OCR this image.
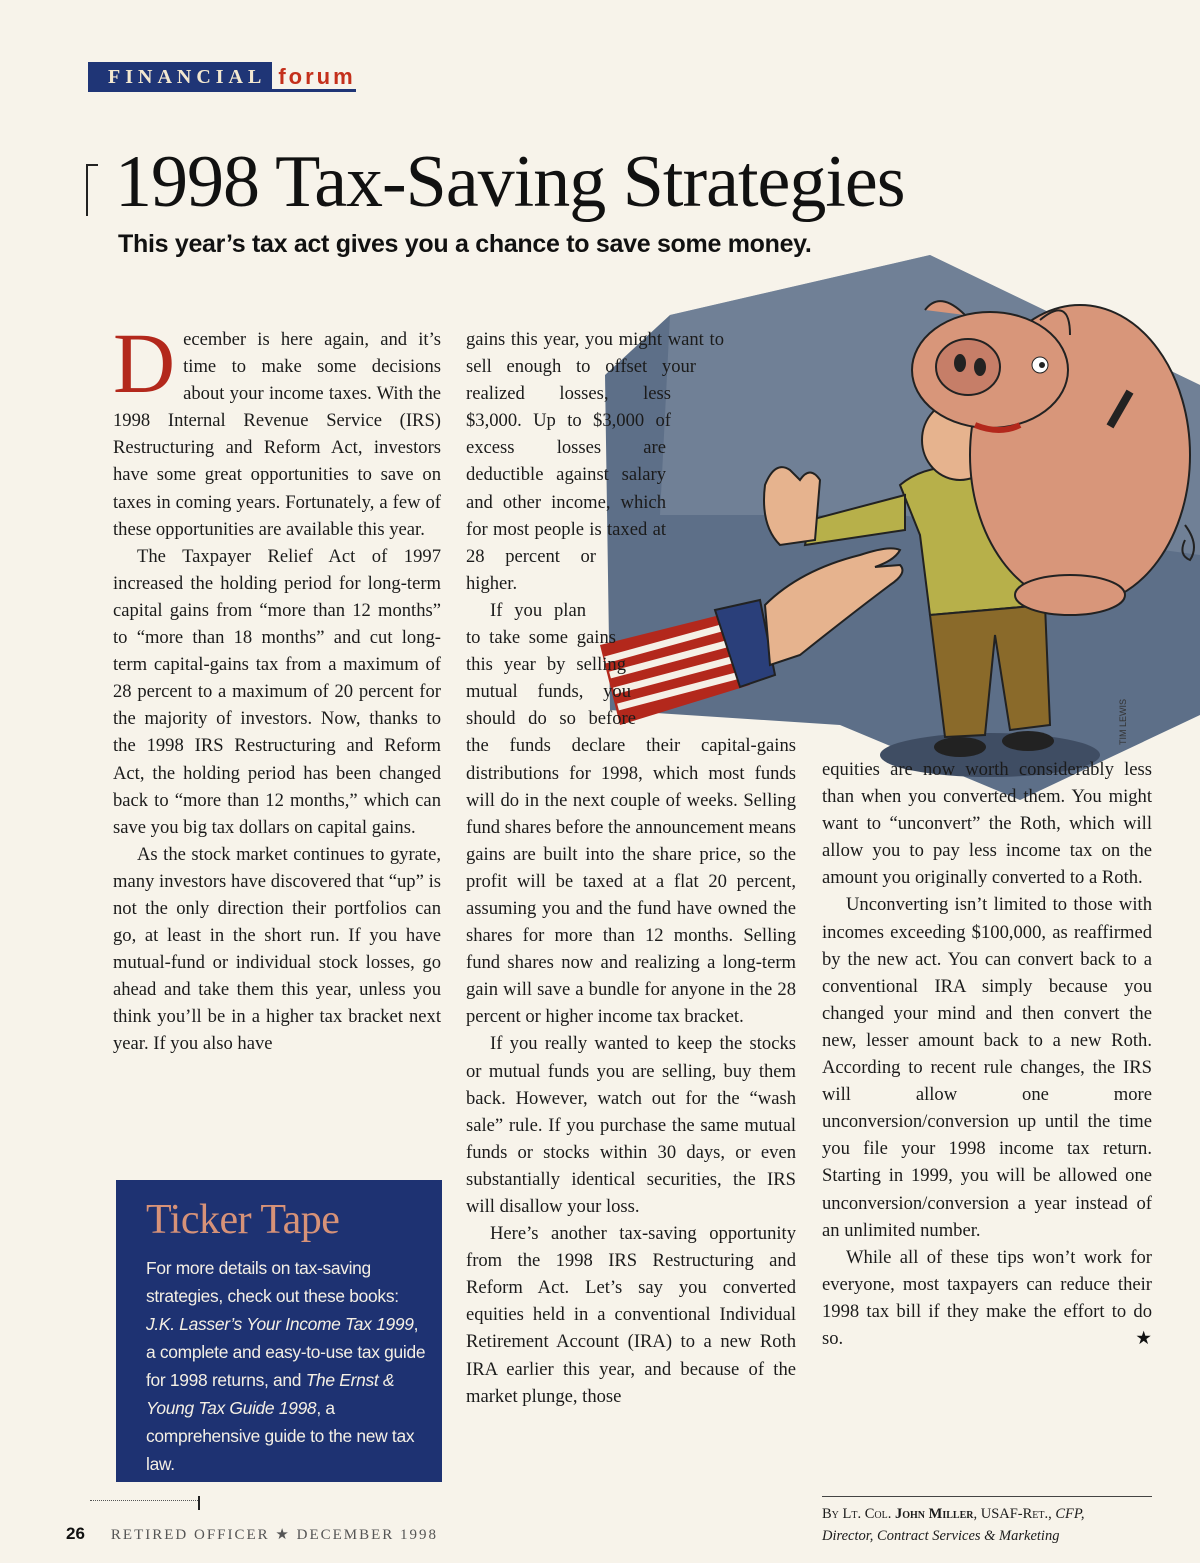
FINANCIAL forum
1998 Tax-Saving Strategies
This year’s tax act gives you a chance to save some money.
TIM LEWIS

December is here again, and it’s time to make some decisions about your income taxes. With the 1998 Internal Revenue Service (IRS) Restructuring and Reform Act, investors have some great opportunities to save on taxes in coming years. Fortunately, a few of these opportunities are available this year.

The Taxpayer Relief Act of 1997 increased the holding period for long-term capital gains from “more than 12 months” to “more than 18 months” and cut long-term capital-gains tax from a maximum of 28 percent to a maximum of 20 percent for the majority of investors. Now, thanks to the 1998 IRS Restructuring and Reform Act, the holding period has been changed back to “more than 12 months,” which can save you big tax dollars on capital gains.

As the stock market continues to gyrate, many investors have discovered that “up” is not the only direction their portfolios can go, at least in the short run. If you have mutual-fund or individual stock losses, go ahead and take them this year, unless you think you’ll be in a higher tax bracket next year. If you also have

gains this year, you might want to sell enough to offset your realized losses, less $3,000. Up to $3,000 of excess losses are deductible against salary and other income, which for most people is taxed at 28 percent or higher.

If you plan to take some gains this year by selling mutual funds, you should do so before the funds declare their capital-gains distributions for 1998, which most funds will do in the next couple of weeks. Selling fund shares before the announcement means gains are built into the share price, so the profit will be taxed at a flat 20 percent, assuming you and the fund have owned the shares for more than 12 months. Selling fund shares now and realizing a long-term gain will save a bundle for anyone in the 28 percent or higher income tax bracket.

If you really wanted to keep the stocks or mutual funds you are selling, buy them back. However, watch out for the “wash sale” rule. If you purchase the same mutual funds or stocks within 30 days, or even substantially identical securities, the IRS will disallow your loss.

Here’s another tax-saving opportunity from the 1998 IRS Restructuring and Reform Act. Let’s say you converted equities held in a conventional Individual Retirement Account (IRA) to a new Roth IRA earlier this year, and because of the market plunge, those

equities are now worth considerably less than when you converted them. You might want to “unconvert” the Roth, which will allow you to pay less income tax on the amount you originally converted to a Roth.

Unconverting isn’t limited to those with incomes exceeding $100,000, as reaffirmed by the new act. You can convert back to a conventional IRA simply because you changed your mind and then convert the new, lesser amount back to a new Roth. According to recent rule changes, the IRS will allow one more unconversion/conversion up until the time you file your 1998 income tax return. Starting in 1999, you will be allowed one unconversion/conversion a year instead of an unlimited number.

While all of these tips won’t work for everyone, most taxpayers can reduce their 1998 tax bill if they make the effort to do so.	★

Ticker Tape
For more details on tax-saving strategies, check out these books: J.K. Lasser’s Your Income Tax 1999, a complete and easy-to-use tax guide for 1998 returns, and The Ernst & Young Tax Guide 1998, a comprehensive guide to the new tax law.
By Lt. Col. John Miller, USAF-Ret., CFP,
Director, Contract Services & Marketing
26 RETIRED OFFICER ★ DECEMBER 1998
